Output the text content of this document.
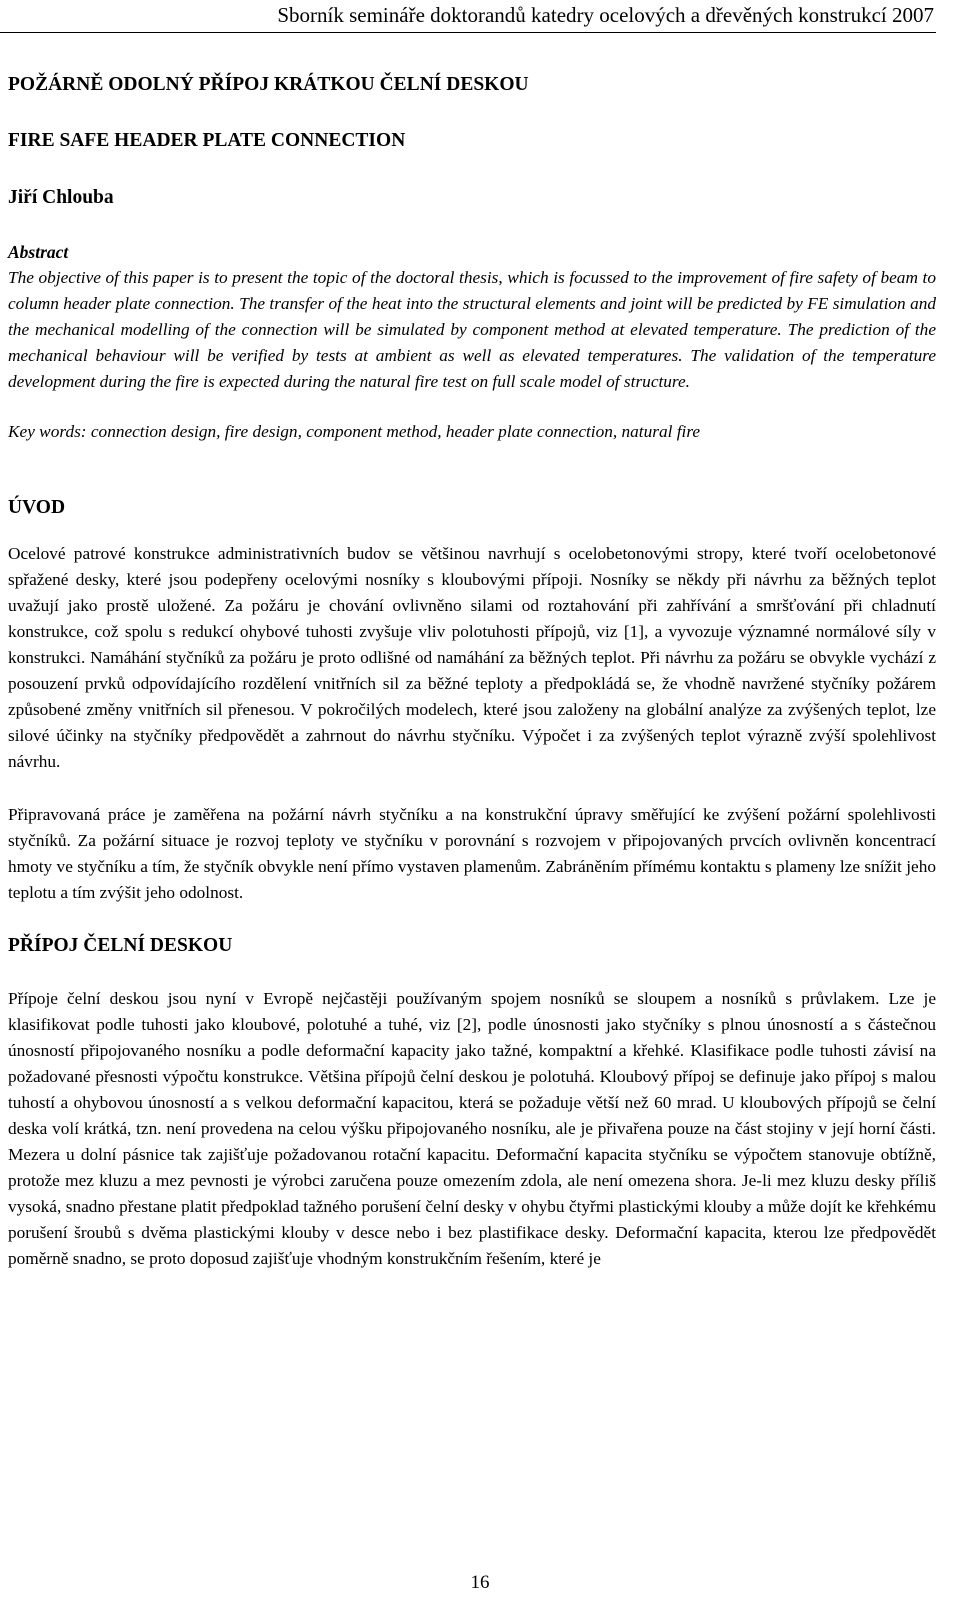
Sborník semináře doktorandů katedry ocelových a dřevěných konstrukcí 2007
POŽÁRNĚ ODOLNÝ PŘÍPOJ KRÁTKOU ČELNÍ DESKOU
FIRE SAFE HEADER PLATE CONNECTION
Jiří Chlouba
Abstract

The objective of this paper is to present the topic of the doctoral thesis, which is focussed to the improvement of fire safety of beam to column header plate connection. The transfer of the heat into the structural elements and joint will be predicted by FE simulation and the mechanical modelling of the connection will be simulated by component method at elevated temperature. The prediction of the mechanical behaviour will be verified by tests at ambient as well as elevated temperatures. The validation of the temperature development during the fire is expected during the natural fire test on full scale model of structure.

Key words: connection design, fire design, component method, header plate connection, natural fire
ÚVOD

Ocelové patrové konstrukce administrativních budov se většinou navrhují s ocelobetonovými stropy, které tvoří ocelobetonové spřažené desky, které jsou podepřeny ocelovými nosníky s kloubovými přípoji. Nosníky se někdy při návrhu za běžných teplot uvažují jako prostě uložené. Za požáru je chování ovlivněno silami od roztahování při zahřívání a smršťování při chladnutí konstrukce, což spolu s redukcí ohybové tuhosti zvyšuje vliv polotuhosti přípojů, viz [1], a vyvozuje významné normálové síly v konstrukci. Namáhání styčníků za požáru je proto odlišné od namáhání za běžných teplot. Při návrhu za požáru se obvykle vychází z posouzení prvků odpovídajícího rozdělení vnitřních sil za běžné teploty a předpokládá se, že vhodně navržené styčníky požárem způsobené změny vnitřních sil přenesou. V pokročilých modelech, které jsou založeny na globální analýze za zvýšených teplot, lze silové účinky na styčníky předpovědět a zahrnout do návrhu styčníku. Výpočet i za zvýšených teplot výrazně zvýší spolehlivost návrhu.

Připravovaná práce je zaměřena na požární návrh styčníku a na konstrukční úpravy směřující ke zvýšení požární spolehlivosti styčníků. Za požární situace je rozvoj teploty ve styčníku v porovnání s rozvojem v připojovaných prvcích ovlivněn koncentrací hmoty ve styčníku a tím, že styčník obvykle není přímo vystaven plamenům. Zabráněním přímému kontaktu s plameny lze snížit jeho teplotu a tím zvýšit jeho odolnost.

PŘÍPOJ ČELNÍ DESKOU

Přípoje čelní deskou jsou nyní v Evropě nejčastěji používaným spojem nosníků se sloupem a nosníků s průvlakem. Lze je klasifikovat podle tuhosti jako kloubové, polotuhé a tuhé, viz [2], podle únosnosti jako styčníky s plnou únosností a s částečnou únosností připojovaného nosníku a podle deformační kapacity jako tažné, kompaktní a křehké. Klasifikace podle tuhosti závisí na požadované přesnosti výpočtu konstrukce. Většina přípojů čelní deskou je polotuhá. Kloubový přípoj se definuje jako přípoj s malou tuhostí a ohybovou únosností a s velkou deformační kapacitou, která se požaduje větší než 60 mrad. U kloubových přípojů se čelní deska volí krátká, tzn. není provedena na celou výšku připojovaného nosníku, ale je přivařena pouze na část stojiny v její horní části. Mezera u dolní pásnice tak zajišťuje požadovanou rotační kapacitu. Deformační kapacita styčníku se výpočtem stanovuje obtížně, protože mez kluzu a mez pevnosti je výrobci zaručena pouze omezením zdola, ale není omezena shora. Je-li mez kluzu desky příliš vysoká, snadno přestane platit předpoklad tažného porušení čelní desky v ohybu čtyřmi plastickými klouby a může dojít ke křehkému porušení šroubů s dvěma plastickými klouby v desce nebo i bez plastifikace desky. Deformační kapacita, kterou lze předpovědět poměrně snadno, se proto doposud zajišťuje vhodným konstrukčním řešením, které je

16
